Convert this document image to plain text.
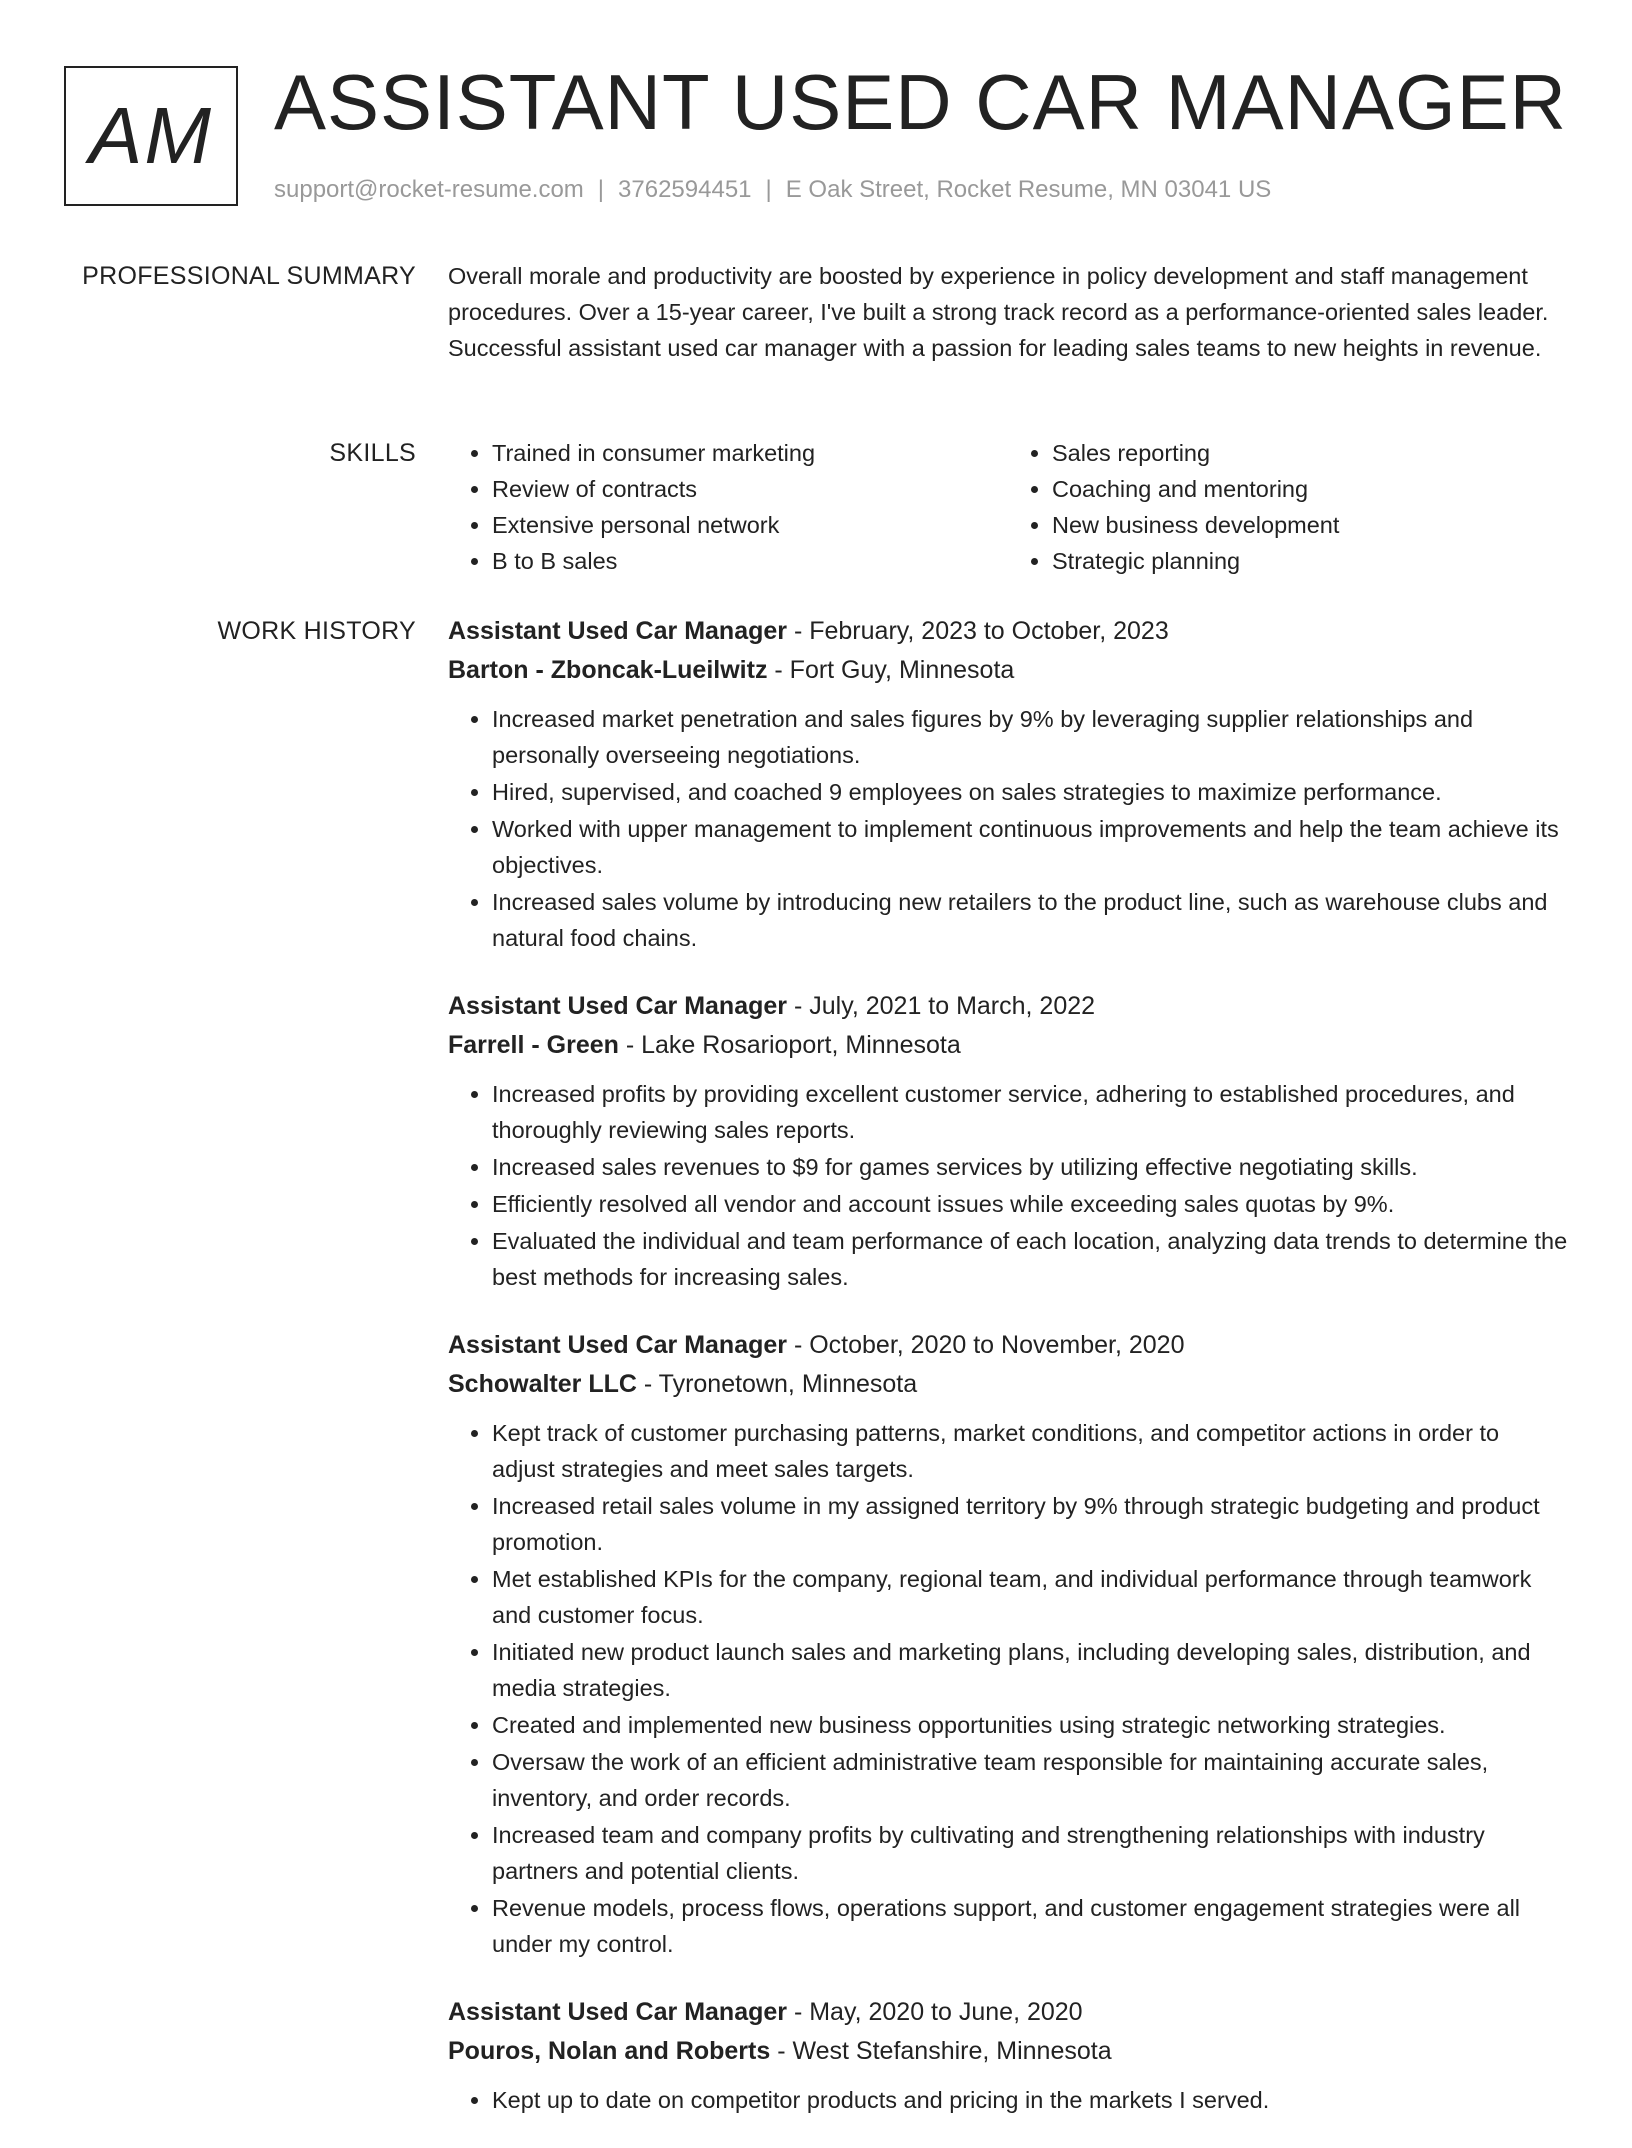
AM ASSISTANT USED CAR MANAGER
support@rocket-resume.com | 3762594451 | E Oak Street, Rocket Resume, MN 03041 US
PROFESSIONAL SUMMARY Overall morale and productivity are boosted by experience in policy development and staff management procedures. Over a 15-year career, I've built a strong track record as a performance-oriented sales leader. Successful assistant used car manager with a passion for leading sales teams to new heights in revenue.

SKILLS
•	Trained in consumer marketing
• Review of contracts
• Extensive personal network
• B to B sales
• Sales reporting
• Coaching and mentoring
• New business development
• Strategic planning
WORK HISTORY Assistant Used Car Manager - February, 2023 to October, 2023
Barton - Zboncak-Lueilwitz - Fort Guy, Minnesota
• Increased market penetration and sales figures by 9% by leveraging supplier relationships and personally overseeing negotiations.
• Hired, supervised, and coached 9 employees on sales strategies to maximize performance.
• Worked with upper management to implement continuous improvements and help the team achieve its objectives.
• Increased sales volume by introducing new retailers to the product line, such as warehouse clubs and natural food chains.
Assistant Used Car Manager - July, 2021 to March, 2022
Farrell - Green - Lake Rosarioport, Minnesota
• Increased profits by providing excellent customer service, adhering to established procedures, and thoroughly reviewing sales reports.
• Increased sales revenues to $9 for games services by utilizing effective negotiating skills.
• Efficiently resolved all vendor and account issues while exceeding sales quotas by 9%.
• Evaluated the individual and team performance of each location, analyzing data trends to determine the best methods for increasing sales.
Assistant Used Car Manager - October, 2020 to November, 2020
Schowalter LLC - Tyronetown, Minnesota
• Kept track of customer purchasing patterns, market conditions, and competitor actions in order to adjust strategies and meet sales targets.
• Increased retail sales volume in my assigned territory by 9% through strategic budgeting and product promotion.
• Met established KPIs for the company, regional team, and individual performance through teamwork and customer focus.
• Initiated new product launch sales and marketing plans, including developing sales, distribution, and media strategies.
• Created and implemented new business opportunities using strategic networking strategies.
• Oversaw the work of an efficient administrative team responsible for maintaining accurate sales, inventory, and order records.
• Increased team and company profits by cultivating and strengthening relationships with industry partners and potential clients.
• Revenue models, process flows, operations support, and customer engagement strategies were all under my control.
Assistant Used Car Manager - May, 2020 to June, 2020
Pouros, Nolan and Roberts - West Stefanshire, Minnesota
• Kept up to date on competitor products and pricing in the markets I served.
